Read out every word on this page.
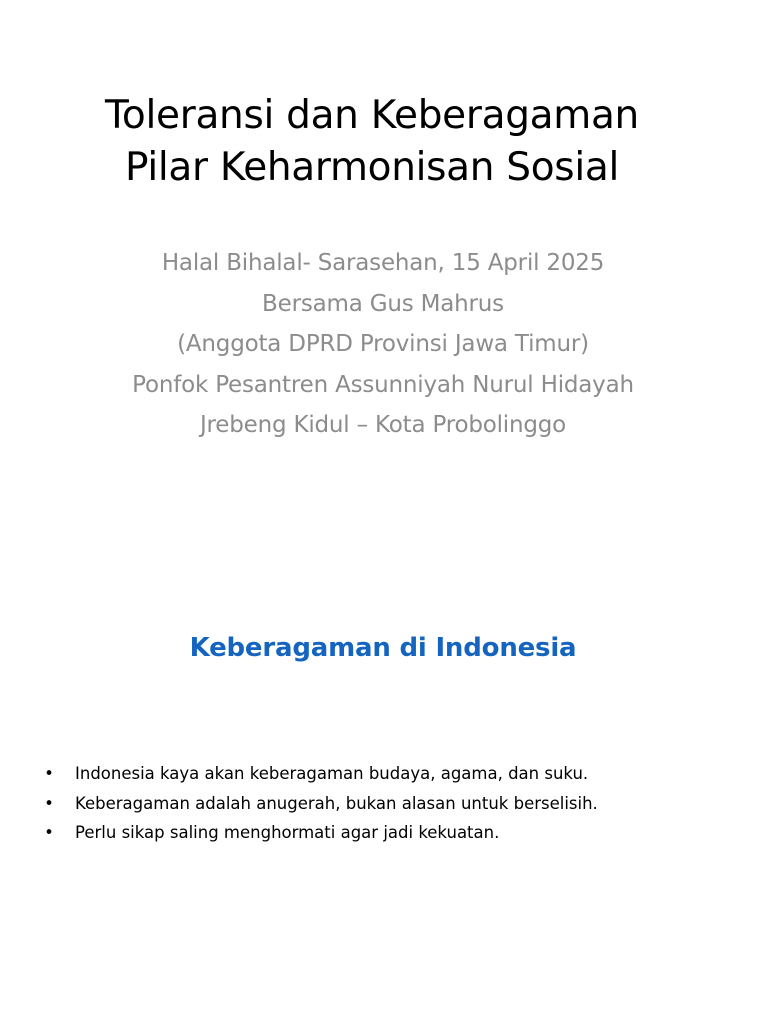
Toleransi dan Keberagaman
Pilar Keharmonisan Sosial
Halal Bihalal- Sarasehan, 15 April 2025
Bersama Gus Mahrus
(Anggota DPRD Provinsi Jawa Timur)
Ponfok Pesantren Assunniyah Nurul Hidayah
Jrebeng Kidul – Kota Probolinggo
Keberagaman di Indonesia
• Indonesia kaya akan keberagaman budaya, agama, dan suku.
• Keberagaman adalah anugerah, bukan alasan untuk berselisih.
• Perlu sikap saling menghormati agar jadi kekuatan.
